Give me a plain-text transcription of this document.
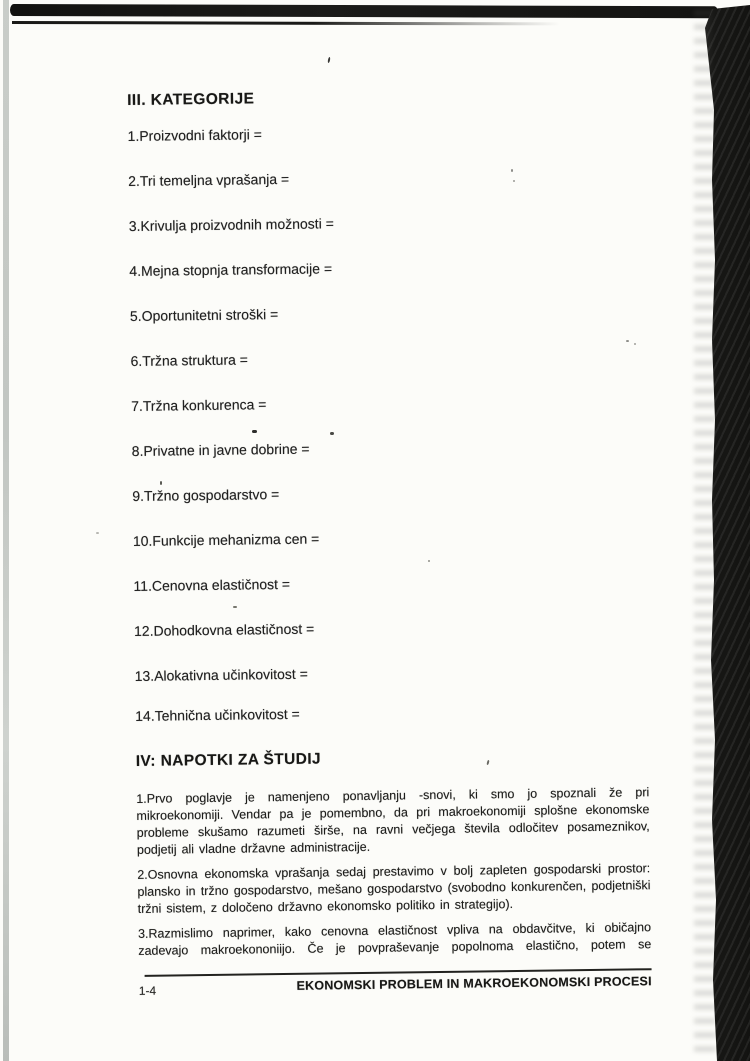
III. KATEGORIJE
1.Proizvodni faktorji =
2.Tri temeljna vprašanja =
3.Krivulja proizvodnih možnosti =
4.Mejna stopnja transformacije =
5.Oportunitetni stroški =
6.Tržna struktura =
7.Tržna konkurenca =
8.Privatne in javne dobrine =
9.Tržno gospodarstvo =
10.Funkcije mehanizma cen =
11.Cenovna elastičnost =
12.Dohodkovna elastičnost =
13.Alokativna učinkovitost =
14.Tehnična učinkovitost =
IV: NAPOTKI ZA ŠTUDIJ

1.Prvo poglavje je namenjeno ponavljanju -snovi, ki smo jo spoznali že pri mikroekonomiji. Vendar pa je pomembno, da pri makroekonomiji splošne ekonomske probleme skušamo razumeti širše, na ravni večjega števila odločitev posameznikov, podjetij ali vladne državne administracije.

2.Osnovna ekonomska vprašanja sedaj prestavimo v bolj zapleten gospodarski prostor: plansko in tržno gospodarstvo, mešano gospodarstvo (svobodno konkurenčen, podjetniški tržni sistem, z določeno državno ekonomsko politiko in strategijo).

3.Razmislimo naprimer, kako cenovna elastičnost vpliva na obdavčitve, ki običajno zadevajo makroekononiijo. Če je povpraševanje popolnoma elastično, potem se

1-4	EKONOMSKI PROBLEM IN MAKROEKONOMSKI PROCESI
